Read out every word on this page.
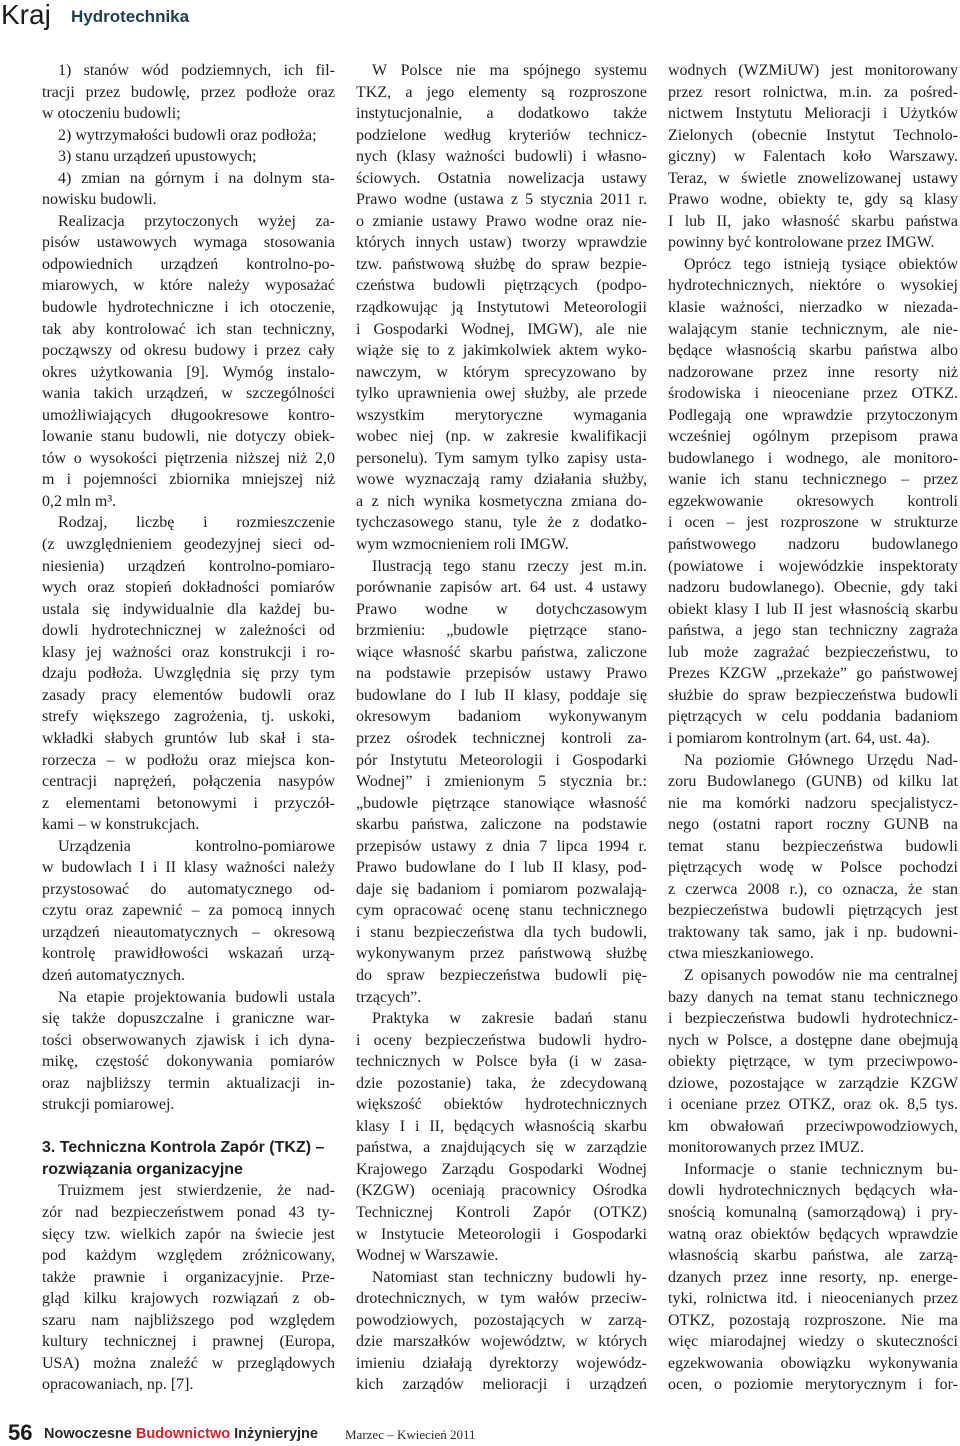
Kraj Hydrotechnika
1) stanów wód podziemnych, ich fil-
tracji przez budowlę, przez podłoże oraz
w otoczeniu budowli;
2) wytrzymałości budowli oraz podłoża;
3) stanu urządzeń upustowych;
4) zmian na górnym i na dolnym sta-
nowisku budowli.
Realizacja przytoczonych wyżej za-
pisów ustawowych wymaga stosowania
odpowiednich urządzeń kontrolno-po-
miarowych, w które należy wyposażać
budowle hydrotechniczne i ich otoczenie,
tak aby kontrolować ich stan techniczny,
począwszy od okresu budowy i przez cały
okres użytkowania [9]. Wymóg instalo-
wania takich urządzeń, w szczególności
umożliwiających długookresowe kontro-
lowanie stanu budowli, nie dotyczy obiek-
tów o wysokości piętrzenia niższej niż 2,0
m i pojemności zbiornika mniejszej niż
0,2 mln m³.
Rodzaj, liczbę i rozmieszczenie
(z uwzględnieniem geodezyjnej sieci od-
niesienia) urządzeń kontrolno-pomiaro-
wych oraz stopień dokładności pomiarów
ustala się indywidualnie dla każdej bu-
dowli hydrotechnicznej w zależności od
klasy jej ważności oraz konstrukcji i ro-
dzaju podłoża. Uwzględnia się przy tym
zasady pracy elementów budowli oraz
strefy większego zagrożenia, tj. uskoki,
wkładki słabych gruntów lub skał i sta-
rorzecza – w podłożu oraz miejsca kon-
centracji naprężeń, połączenia nasypów
z elementami betonowymi i przyczół-
kami – w konstrukcjach.
Urządzenia kontrolno-pomiarowe
w budowlach I i II klasy ważności należy
przystosować do automatycznego od-
czytu oraz zapewnić – za pomocą innych
urządzeń nieautomatycznych – okresową
kontrolę prawidłowości wskazań urzą-
dzeń automatycznych.
Na etapie projektowania budowli ustala
się także dopuszczalne i graniczne war-
tości obserwowanych zjawisk i ich dyna-
mikę, częstość dokonywania pomiarów
oraz najbliższy termin aktualizacji in-
strukcji pomiarowej.
3. Techniczna Kontrola Zapór (TKZ) –
rozwiązania organizacyjne
Truizmem jest stwierdzenie, że nad-
zór nad bezpieczeństwem ponad 43 ty-
sięcy tzw. wielkich zapór na świecie jest
pod każdym względem zróżnicowany,
także prawnie i organizacyjnie. Prze-
gląd kilku krajowych rozwiązań z ob-
szaru nam najbliższego pod względem
kultury technicznej i prawnej (Europa,
USA) można znaleźć w przeglądowych
opracowaniach, np. [7].
W Polsce nie ma spójnego systemu
TKZ, a jego elementy są rozproszone
instytucjonalnie, a dodatkowo także
podzielone według kryteriów technicz-
nych (klasy ważności budowli) i własno-
ściowych. Ostatnia nowelizacja ustawy
Prawo wodne (ustawa z 5 stycznia 2011 r.
o zmianie ustawy Prawo wodne oraz nie-
których innych ustaw) tworzy wprawdzie
tzw. państwową służbę do spraw bezpie-
czeństwa budowli piętrzących (podpo-
rządkowując ją Instytutowi Meteorologii
i Gospodarki Wodnej, IMGW), ale nie
wiąże się to z jakimkolwiek aktem wyko-
nawczym, w którym sprecyzowano by
tylko uprawnienia owej służby, ale przede
wszystkim merytoryczne wymagania
wobec niej (np. w zakresie kwalifikacji
personelu). Tym samym tylko zapisy usta-
wowe wyznaczają ramy działania służby,
a z nich wynika kosmetyczna zmiana do-
tychczasowego stanu, tyle że z dodatko-
wym wzmocnieniem roli IMGW.
Ilustracją tego stanu rzeczy jest m.in.
porównanie zapisów art. 64 ust. 4 ustawy
Prawo wodne w dotychczasowym
brzmieniu: „budowle piętrzące stano-
wiące własność skarbu państwa, zaliczone
na podstawie przepisów ustawy Prawo
budowlane do I lub II klasy, poddaje się
okresowym badaniom wykonywanym
przez ośrodek technicznej kontroli za-
pór Instytutu Meteorologii i Gospodarki
Wodnej” i zmienionym 5 stycznia br.:
„budowle piętrzące stanowiące własność
skarbu państwa, zaliczone na podstawie
przepisów ustawy z dnia 7 lipca 1994 r.
Prawo budowlane do I lub II klasy, pod-
daje się badaniom i pomiarom pozwalają-
cym opracować ocenę stanu technicznego
i stanu bezpieczeństwa dla tych budowli,
wykonywanym przez państwową służbę
do spraw bezpieczeństwa budowli pię-
trzących”.
Praktyka w zakresie badań stanu
i oceny bezpieczeństwa budowli hydro-
technicznych w Polsce była (i w zasa-
dzie pozostanie) taka, że zdecydowaną
większość obiektów hydrotechnicznych
klasy I i II, będących własnością skarbu
państwa, a znajdujących się w zarządzie
Krajowego Zarządu Gospodarki Wodnej
(KZGW) oceniają pracownicy Ośrodka
Technicznej Kontroli Zapór (OTKZ)
w Instytucie Meteorologii i Gospodarki
Wodnej w Warszawie.
Natomiast stan techniczny budowli hy-
drotechnicznych, w tym wałów przeciw-
powodziowych, pozostających w zarzą-
dzie marszałków województw, w których
imieniu działają dyrektorzy wojewódz-
kich zarządów melioracji i urządzeń
wodnych (WZMiUW) jest monitorowany
przez resort rolnictwa, m.in. za pośred-
nictwem Instytutu Melioracji i Użytków
Zielonych (obecnie Instytut Technolo-
giczny) w Falentach koło Warszawy.
Teraz, w świetle znowelizowanej ustawy
Prawo wodne, obiekty te, gdy są klasy
I lub II, jako własność skarbu państwa
powinny być kontrolowane przez IMGW.
Oprócz tego istnieją tysiące obiektów
hydrotechnicznych, niektóre o wysokiej
klasie ważności, nierzadko w niezada-
walającym stanie technicznym, ale nie-
będące własnością skarbu państwa albo
nadzorowane przez inne resorty niż
środowiska i nieoceniane przez OTKZ.
Podlegają one wprawdzie przytoczonym
wcześniej ogólnym przepisom prawa
budowlanego i wodnego, ale monitoro-
wanie ich stanu technicznego – przez
egzekwowanie okresowych kontroli
i ocen – jest rozproszone w strukturze
państwowego nadzoru budowlanego
(powiatowe i wojewódzkie inspektoraty
nadzoru budowlanego). Obecnie, gdy taki
obiekt klasy I lub II jest własnością skarbu
państwa, a jego stan techniczny zagraża
lub może zagrażać bezpieczeństwu, to
Prezes KZGW „przekaże” go państwowej
służbie do spraw bezpieczeństwa budowli
piętrzących w celu poddania badaniom
i pomiarom kontrolnym (art. 64, ust. 4a).
Na poziomie Głównego Urzędu Nad-
zoru Budowlanego (GUNB) od kilku lat
nie ma komórki nadzoru specjalistycz-
nego (ostatni raport roczny GUNB na
temat stanu bezpieczeństwa budowli
piętrzących wodę w Polsce pochodzi
z czerwca 2008 r.), co oznacza, że stan
bezpieczeństwa budowli piętrzących jest
traktowany tak samo, jak i np. budowni-
ctwa mieszkaniowego.
Z opisanych powodów nie ma centralnej
bazy danych na temat stanu technicznego
i bezpieczeństwa budowli hydrotechnicz-
nych w Polsce, a dostępne dane obejmują
obiekty piętrzące, w tym przeciwpowo-
dziowe, pozostające w zarządzie KZGW
i oceniane przez OTKZ, oraz ok. 8,5 tys.
km obwałowań przeciwpowodziowych,
monitorowanych przez IMUZ.
Informacje o stanie technicznym bu-
dowli hydrotechnicznych będących wła-
snością komunalną (samorządową) i pry-
watną oraz obiektów będących wprawdzie
własnością skarbu państwa, ale zarzą-
dzanych przez inne resorty, np. energe-
tyki, rolnictwa itd. i nieocenianych przez
OTKZ, pozostają rozproszone. Nie ma
więc miarodajnej wiedzy o skuteczności
egzekwowania obowiązku wykonywania
ocen, o poziomie merytorycznym i for-
56 Nowoczesne Budownictwo Inżynieryjne Marzec – Kwiecień 2011
